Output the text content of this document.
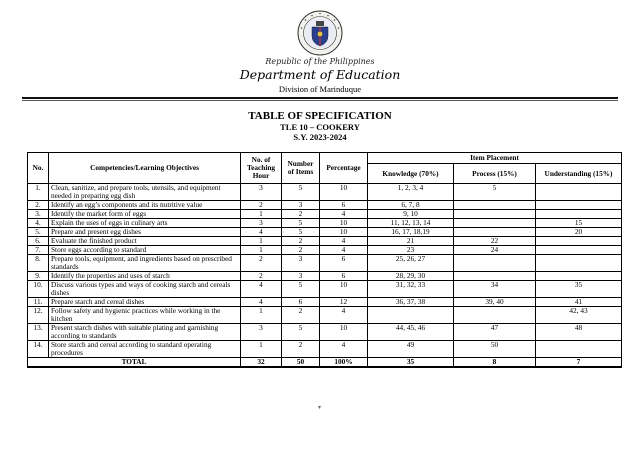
Republic of the Philippines
Department of Education
Division of Marinduque
TABLE OF SPECIFICATION
TLE 10 – COOKERY
S.Y. 2023-2024
No.	Competencies/Learning Objectives	No. of Teaching Hour	Number of Items	Percentage	Item Placement		
					Knowledge (70%)	Process (15%)	Understanding (15%)
1.	Clean, sanitize, and prepare tools, utensils, and equipment needed in preparing egg dish	3	5	10	1, 2, 3, 4	5	
2.	Identify an egg’s components and its nutritive value	2	3	6	6, 7, 8		
3.	Identify the market form of eggs	1	2	4	9, 10		
4.	Explain the uses of eggs in culinary arts	3	5	10	11, 12, 13, 14		15
5.	Prepare and present egg dishes	4	5	10	16, 17, 18,19		20
6.	Evaluate the finished product	1	2	4	21	22	
7.	Store eggs according to standard	1	2	4	23	24	
8.	Prepare tools, equipment, and ingredients based on prescribed standards	2	3	6	25, 26, 27		
9.	Identify the properties and uses of starch	2	3	6	28, 29, 30		
10.	Discuss various types and ways of cooking starch and cereals dishes	4	5	10	31, 32, 33	34	35
11.	Prepare starch and cereal dishes	4	6	12	36, 37, 38	39, 40	41
12.	Follow safety and hygienic practices while working in the kitchen	1	2	4			42, 43
13.	Present starch dishes with suitable plating and garnishing according to standards	3	5	10	44, 45, 46	47	48
14.	Store starch and cereal according to standard operating procedures	1	2	4	49	50	
TOTAL		32	50	100%	35	8	7
▾
